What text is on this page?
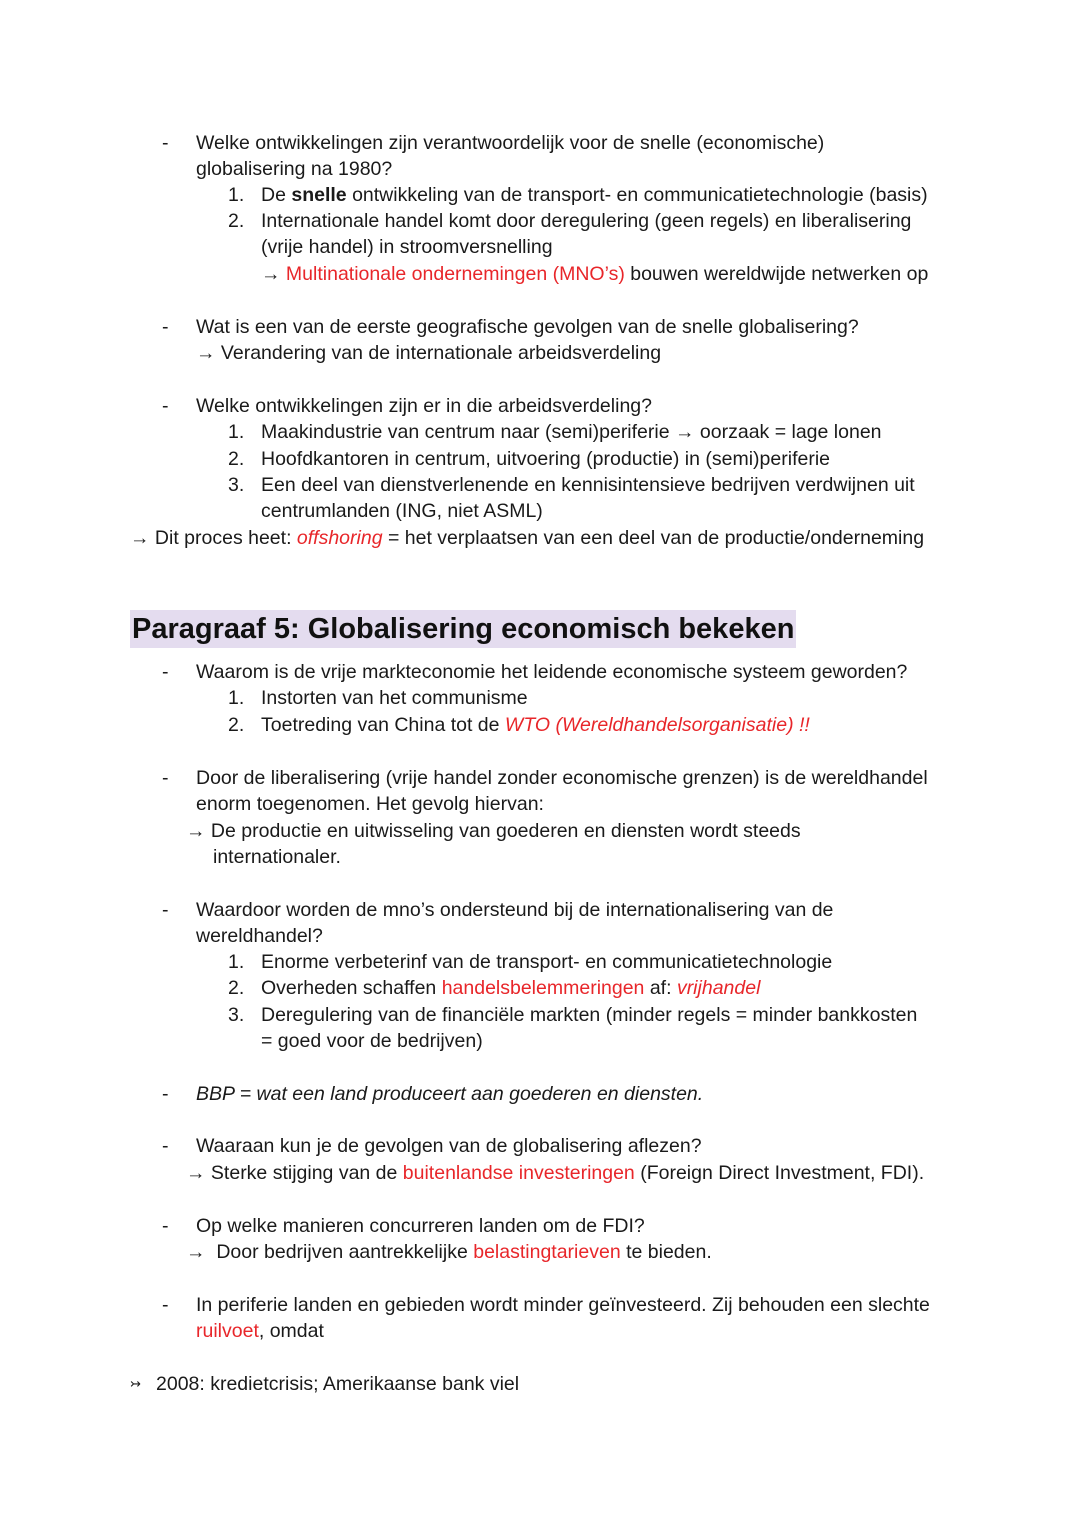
- Welke ontwikkelingen zijn verantwoordelijk voor de snelle (economische)
globalisering na 1980?
1. De snelle ontwikkeling van de transport- en communicatietechnologie (basis)
2. Internationale handel komt door deregulering (geen regels) en liberalisering
(vrije handel) in stroomversnelling
→ Multinationale ondernemingen (MNO’s) bouwen wereldwijde netwerken op
- Wat is een van de eerste geografische gevolgen van de snelle globalisering?
→ Verandering van de internationale arbeidsverdeling
- Welke ontwikkelingen zijn er in die arbeidsverdeling?
1. Maakindustrie van centrum naar (semi)periferie → oorzaak = lage lonen
2. Hoofdkantoren in centrum, uitvoering (productie) in (semi)periferie
3. Een deel van dienstverlenende en kennisintensieve bedrijven verdwijnen uit
centrumlanden (ING, niet ASML)
→ Dit proces heet: offshoring = het verplaatsen van een deel van de productie/onderneming
Paragraaf 5: Globalisering economisch bekeken
- Waarom is de vrije markteconomie het leidende economische systeem geworden?
1. Instorten van het communisme
2. Toetreding van China tot de WTO (Wereldhandelsorganisatie) !!
- Door de liberalisering (vrije handel zonder economische grenzen) is de wereldhandel
enorm toegenomen. Het gevolg hiervan:
→ De productie en uitwisseling van goederen en diensten wordt steeds
internationaler.
- Waardoor worden de mno’s ondersteund bij de internationalisering van de
wereldhandel?
1. Enorme verbeterinf van de transport- en communicatietechnologie
2. Overheden schaffen handelsbelemmeringen af: vrijhandel
3. Deregulering van de financiële markten (minder regels = minder bankkosten
= goed voor de bedrijven)
- BBP = wat een land produceert aan goederen en diensten.
- Waaraan kun je de gevolgen van de globalisering aflezen?
→ Sterke stijging van de buitenlandse investeringen (Foreign Direct Investment, FDI).
- Op welke manieren concurreren landen om de FDI?
→ Door bedrijven aantrekkelijke belastingtarieven te bieden.
- In periferie landen en gebieden wordt minder geïnvesteerd. Zij behouden een slechte
ruilvoet, omdat
↣ 2008: kredietcrisis; Amerikaanse bank viel
